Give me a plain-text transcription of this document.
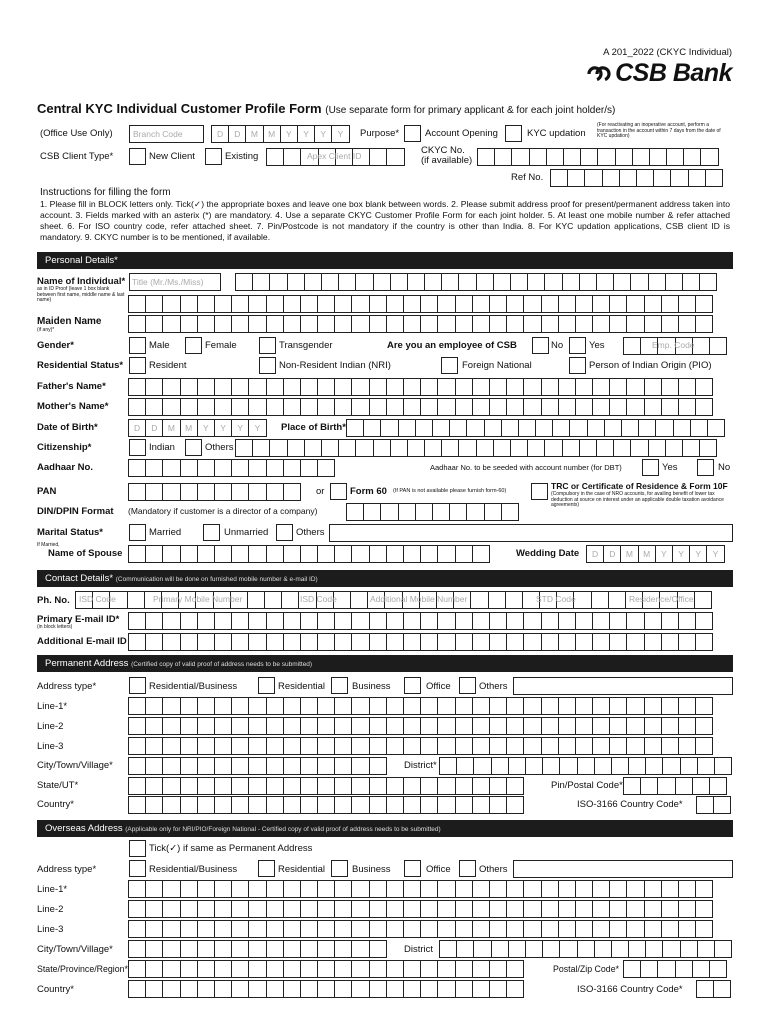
A 201_2022 (CKYC Individual)
CSB Bank
Central KYC Individual Customer Profile Form (Use separate form for primary applicant & for each joint holder/s)
(Office Use Only) Branch Code	D	D	M	M	Y	Y	Y	Y	Purpose*	Account Opening	KYC updation
(For reactivating an inoperative account, perform a transaction in the account within 7 days from the date of KYC updation)
CSB Client Type*	New Client	Existing	Apex Client ID	CKYC No.
(if available)
Ref No.
Instructions for filling the form
1. Please fill in BLOCK letters only. Tick(✓) the appropriate boxes and leave one box blank between words. 2. Please submit address proof for present/permanent address taken into account. 3. Fields marked with an asterix (*) are mandatory. 4. Use a separate CKYC Customer Profile Form for each joint holder. 5. At least one mobile number & refer attached sheet. 6. For ISO country code, refer attached sheet. 7. Pin/Postcode is not mandatory if the country is other than India. 8. For KYC updation applications, CSB client ID is mandatory. 9. CKYC number is to be mentioned, if available.
Personal Details*
Name of Individual*
as in ID Proof (leave 1 box blank between first name, middle name & last name)
Title (Mr./Ms./Miss)
Maiden Name
(if any)*
Gender*	Male	Female	Transgender	Are you an employee of CSB	No	Yes	Emp. Code
Residential Status*	Resident	Non-Resident Indian (NRI)	Foreign National	Person of Indian Origin (PIO)
Father's Name*
Mother's Name*
Date of Birth*	D	D	M	M	Y	Y	Y	Y	Place of Birth*
Citizenship*	Indian	Others
Aadhaar No.	Aadhaar No. to be seeded with account number (for DBT)	Yes	No
PAN	or	Form 60 (If PAN is not available please furnish form-60)	TRC or Certificate of Residence & Form 10F
(Compulsory in the case of NRO accounts, for availing benefit of lower tax deduction at source on interest under an applicable double taxation avoidance agreements)
DIN/DPIN Format (Mandatory if customer is a director of a company)
Marital Status*	Married	Unmarried	Others
If Married,
Name of Spouse	Wedding Date	D	D	M	M	Y	Y	Y	Y
Contact Details* (Communication will be done on furnished mobile number & e-mail ID)
Ph. No. ISD Code	Primary Mobile Number	ISD Code	Additional Mobile Number	STD Code	Residence/Office
Primary E-mail ID*
(in block letters)
Additional E-mail ID
Permanent Address (Certified copy of valid proof of address needs to be submitted)
Address type*	Residential/Business	Residential	Business	Office	Others
Line-1*
Line-2
Line-3
City/Town/Village*	District*
State/UT*	Pin/Postal Code*
Country*	ISO-3166 Country Code*
Overseas Address (Applicable only for NRI/PIO/Foreign National - Certified copy of valid proof of address needs to be submitted)
Tick(✓) if same as Permanent Address
Address type*	Residential/Business	Residential	Business	Office	Others
Line-1*
Line-2
Line-3
City/Town/Village*	District
State/Province/Region*	Postal/Zip Code*
Country*	ISO-3166 Country Code*
